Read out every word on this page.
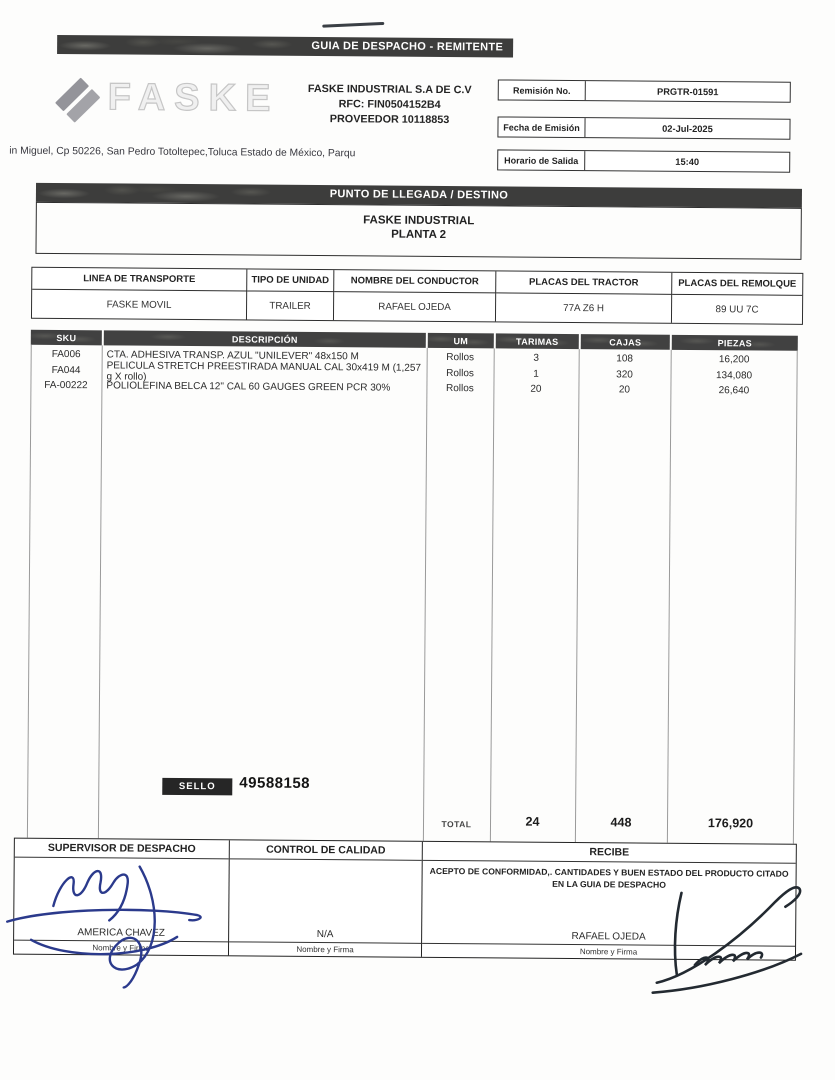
GUIA DE DESPACHO - REMITENTE
FASKE	FASKE INDUSTRIAL S.A DE C.V
RFC: FIN0504152B4
PROVEEDOR 10118853
Remisión No.	PRGTR-01591
Fecha de Emisión	02-Jul-2025
Horario de Salida	15:40
in Miguel, Cp 50226, San Pedro Totoltepec,Toluca Estado de México, Parqu
PUNTO DE LLEGADA / DESTINO
FASKE INDUSTRIAL
PLANTA 2
LINEA DE TRANSPORTE	TIPO DE UNIDAD	NOMBRE DEL CONDUCTOR	PLACAS DEL TRACTOR	PLACAS DEL REMOLQUE
FASKE MOVIL	TRAILER	RAFAEL OJEDA	77A Z6 H	89 UU 7C
SKU	DESCRIPCIÓN	UM	TARIMAS	CAJAS	PIEZAS
FA006	CTA. ADHESIVA TRANSP. AZUL "UNILEVER" 48x150 M	Rollos	3	108	16,200
FA044	PELICULA STRETCH PREESTIRADA MANUAL CAL 30x419 M (1,257 g X rollo)	Rollos	1	320	134,080
FA-00222	POLIOLEFINA BELCA 12" CAL 60 GAUGES GREEN PCR 30%	Rollos	20	20	26,640
SELLO	49588158
TOTAL	24	448	176,920
SUPERVISOR DE DESPACHO
AMERICA CHAVEZ
Nombre y Firma
CONTROL DE CALIDAD
N/A
Nombre y Firma
RECIBE
ACEPTO DE CONFORMIDAD,. CANTIDADES Y BUEN ESTADO DEL PRODUCTO CITADO
EN LA GUIA DE DESPACHO
RAFAEL OJEDA
Nombre y Firma
